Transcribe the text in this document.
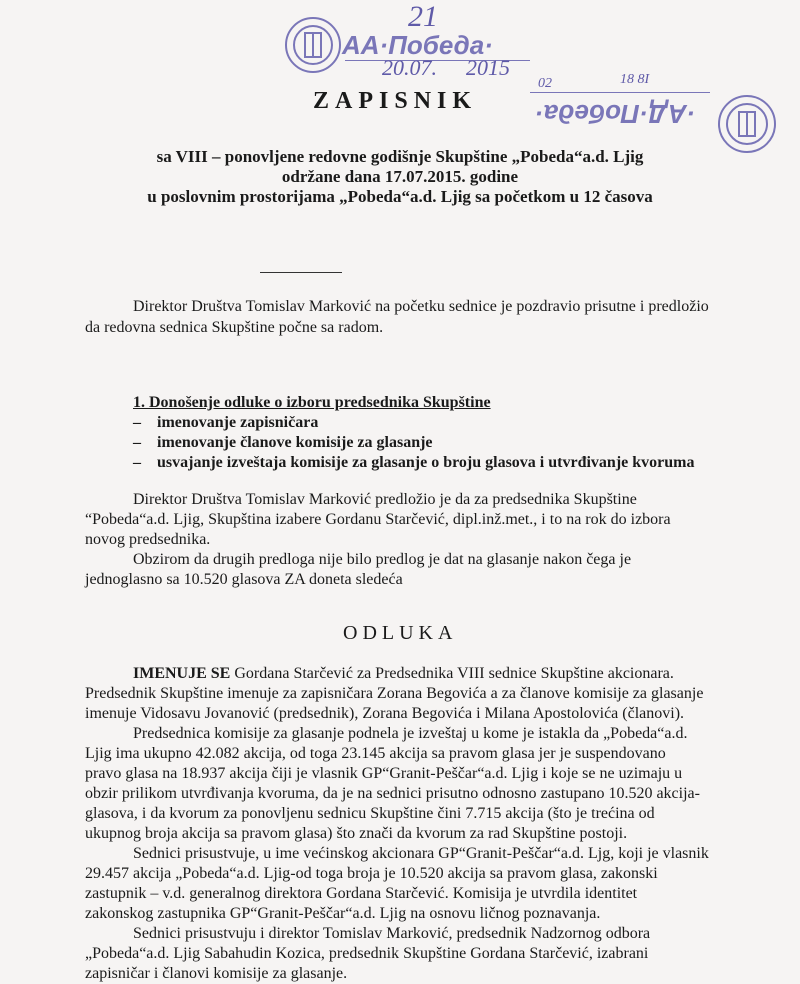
21
AA·Победа·
20.07. 2015
02	18 8I
·АД·Победа·
ZAPISNIK
sa VIII – ponovljene redovne godišnje Skupštine „Pobeda“a.d. Ljig
održane dana 17.07.2015. godine
u poslovnim prostorijama „Pobeda“a.d. Ljig sa početkom u 12 časova
Direktor Društva Tomislav Marković na početku sednice je pozdravio prisutne i predložio
da redovna sednica Skupštine počne sa radom.
1. Donošenje odluke o izboru predsednika Skupštine
–    imenovanje zapisničara
–    imenovanje članove komisije za glasanje
–    usvajanje izveštaja komisije za glasanje o broju glasova i utvrđivanje kvoruma
Direktor Društva Tomislav Marković predložio je da za predsednika Skupštine
“Pobeda“a.d. Ljig, Skupština izabere Gordanu Starčević, dipl.inž.met., i to na rok do izbora
novog predsednika.
Obzirom da drugih predloga nije bilo predlog je dat na glasanje nakon čega je
jednoglasno sa 10.520 glasova ZA doneta sledeća
ODLUKA
IMENUJE SE Gordana Starčević za Predsednika VIII sednice Skupštine akcionara.
Predsednik Skupštine imenuje za zapisničara Zorana Begovića a za članove komisije za glasanje
imenuje Vidosavu Jovanović (predsednik), Zorana Begovića i Milana Apostolovića (članovi).
Predsednica komisije za glasanje podnela je izveštaj u kome je istakla da „Pobeda“a.d.
Ljig ima ukupno 42.082 akcija, od toga 23.145 akcija sa pravom glasa jer je suspendovano
pravo glasa na 18.937 akcija čiji je vlasnik GP“Granit-Peščar“a.d. Ljig i koje se ne uzimaju u
obzir prilikom utvrđivanja kvoruma, da je na sednici prisutno odnosno zastupano 10.520 akcija-
glasova, i da kvorum za ponovljenu sednicu Skupštine čini 7.715 akcija (što je trećina od
ukupnog broja akcija sa pravom glasa) što znači da kvorum za rad Skupštine postoji.
Sednici prisustvuje, u ime većinskog akcionara GP“Granit-Peščar“a.d. Ljg, koji je vlasnik
29.457 akcija „Pobeda“a.d. Ljig-od toga broja je 10.520 akcija sa pravom glasa, zakonski
zastupnik – v.d. generalnog direktora Gordana Starčević. Komisija je utvrdila identitet
zakonskog zastupnika GP“Granit-Peščar“a.d. Ljig na osnovu ličnog poznavanja.
Sednici prisustvuju i direktor Tomislav Marković, predsednik Nadzornog odbora
„Pobeda“a.d. Ljig Sabahudin Kozica, predsednik Skupštine Gordana Starčević, izabrani
zapisničar i članovi komisije za glasanje.
